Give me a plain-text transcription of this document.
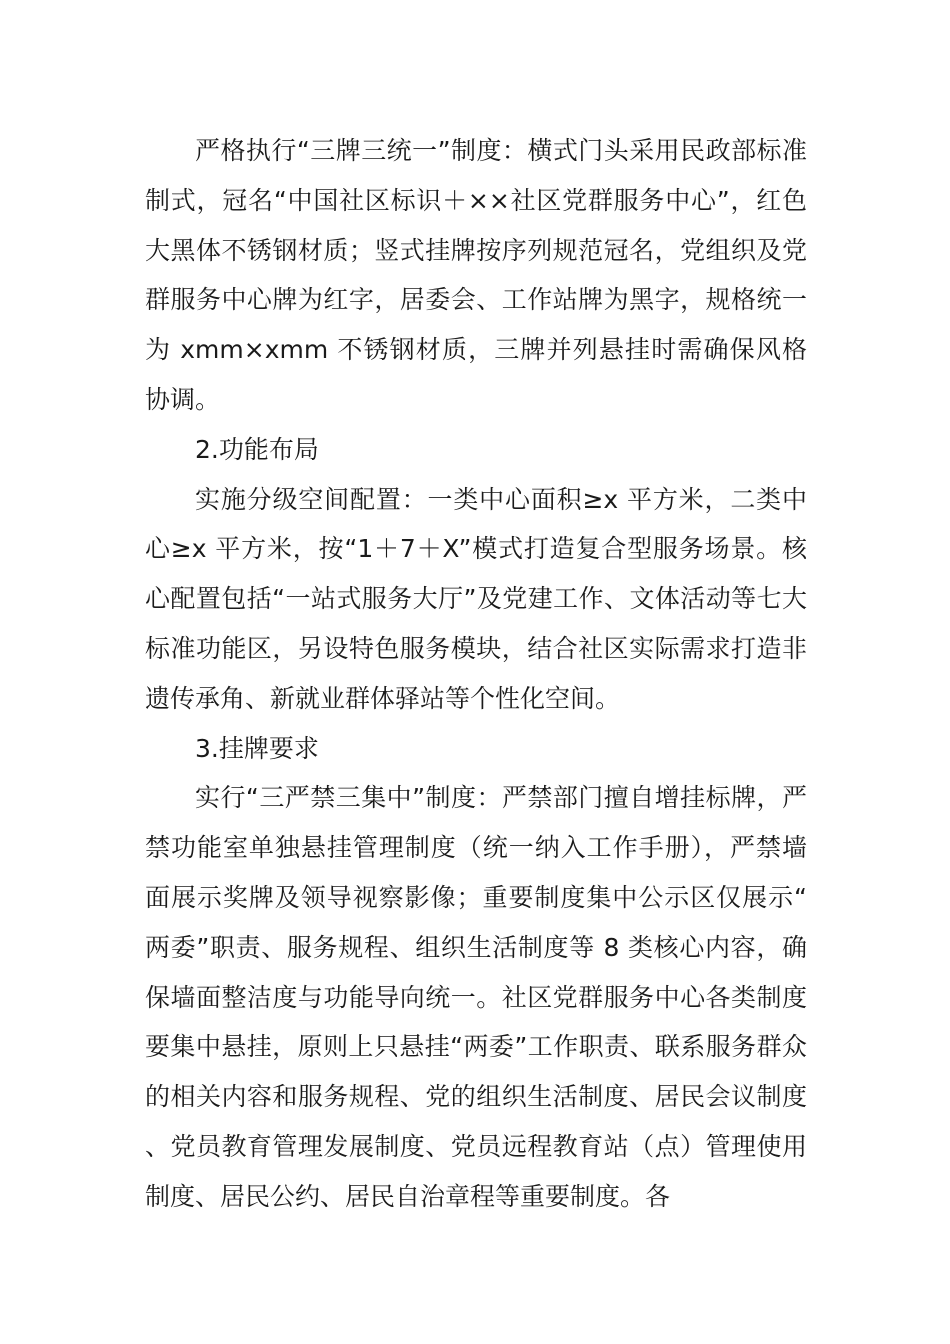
严格执行“三牌三统一”制度：横式门头采用民政部标准制式，冠名“中国社区标识＋××社区党群服务中心”，红色大黑体不锈钢材质；竖式挂牌按序列规范冠名，党组织及党群服务中心牌为红字，居委会、工作站牌为黑字，规格统一为 xmm×xmm 不锈钢材质，三牌并列悬挂时需确保风格协调。

2.功能布局

实施分级空间配置：一类中心面积≥x 平方米，二类中心≥x 平方米，按“1＋7＋X”模式打造复合型服务场景。核心配置包括“一站式服务大厅”及党建工作、文体活动等七大标准功能区，另设特色服务模块，结合社区实际需求打造非遗传承角、新就业群体驿站等个性化空间。

3.挂牌要求

实行“三严禁三集中”制度：严禁部门擅自增挂标牌，严禁功能室单独悬挂管理制度（统一纳入工作手册），严禁墙面展示奖牌及领导视察影像；重要制度集中公示区仅展示“两委”职责、服务规程、组织生活制度等 8 类核心内容，确保墙面整洁度与功能导向统一。社区党群服务中心各类制度要集中悬挂，原则上只悬挂“两委”工作职责、联系服务群众的相关内容和服务规程、党的组织生活制度、居民会议制度、党员教育管理发展制度、党员远程教育站（点）管理使用制度、居民公约、居民自治章程等重要制度。各
